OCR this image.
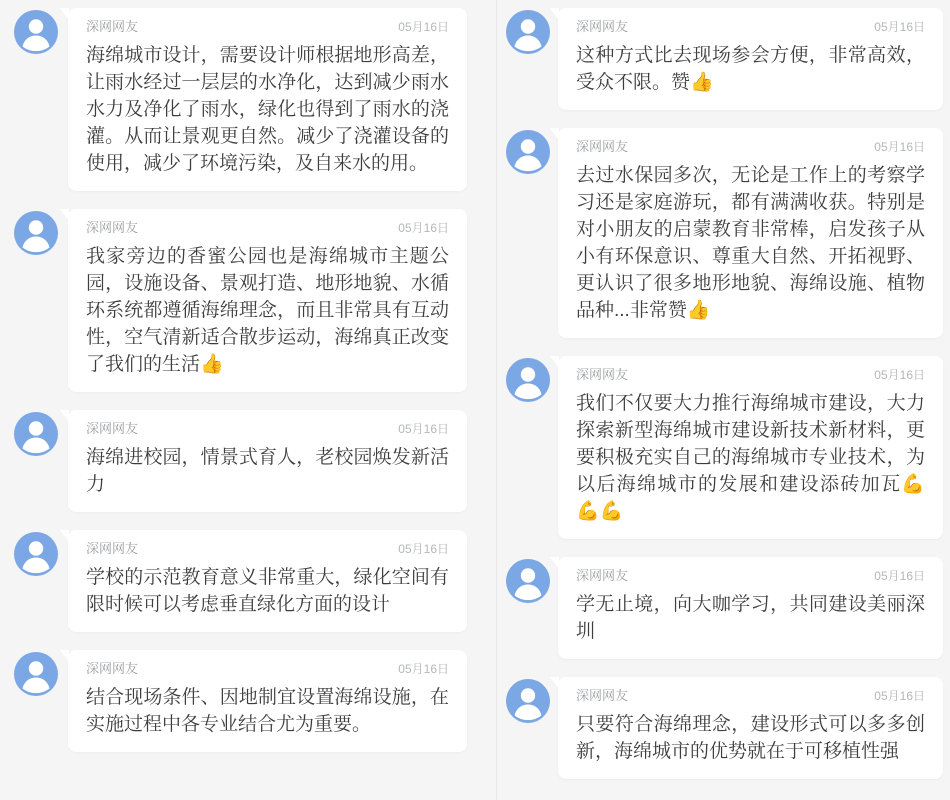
深网网友	05月16日
海绵城市设计，需要设计师根据地形高差，让雨水经过一层层的水净化，达到减少雨水水力及净化了雨水，绿化也得到了雨水的浇灌。从而让景观更自然。减少了浇灌设备的使用，减少了环境污染，及自来水的用。
深网网友	05月16日
我家旁边的香蜜公园也是海绵城市主题公园，设施设备、景观打造、地形地貌、水循环系统都遵循海绵理念，而且非常具有互动性，空气清新适合散步运动，海绵真正改变了我们的生活👍
深网网友	05月16日
海绵进校园，情景式育人，老校园焕发新活力
深网网友	05月16日
学校的示范教育意义非常重大，绿化空间有限时候可以考虑垂直绿化方面的设计
深网网友	05月16日
结合现场条件、因地制宜设置海绵设施，在实施过程中各专业结合尤为重要。
深网网友	05月16日
这种方式比去现场参会方便，非常高效，受众不限。赞👍
深网网友	05月16日
去过水保园多次，无论是工作上的考察学习还是家庭游玩，都有满满收获。特别是对小朋友的启蒙教育非常棒，启发孩子从小有环保意识、尊重大自然、开拓视野、更认识了很多地形地貌、海绵设施、植物品种...非常赞👍
深网网友	05月16日
我们不仅要大力推行海绵城市建设，大力探索新型海绵城市建设新技术新材料，更要积极充实自己的海绵城市专业技术，为以后海绵城市的发展和建设添砖加瓦💪💪💪
深网网友	05月16日
学无止境，向大咖学习，共同建设美丽深圳
深网网友	05月16日
只要符合海绵理念，建设形式可以多多创新，海绵城市的优势就在于可移植性强
